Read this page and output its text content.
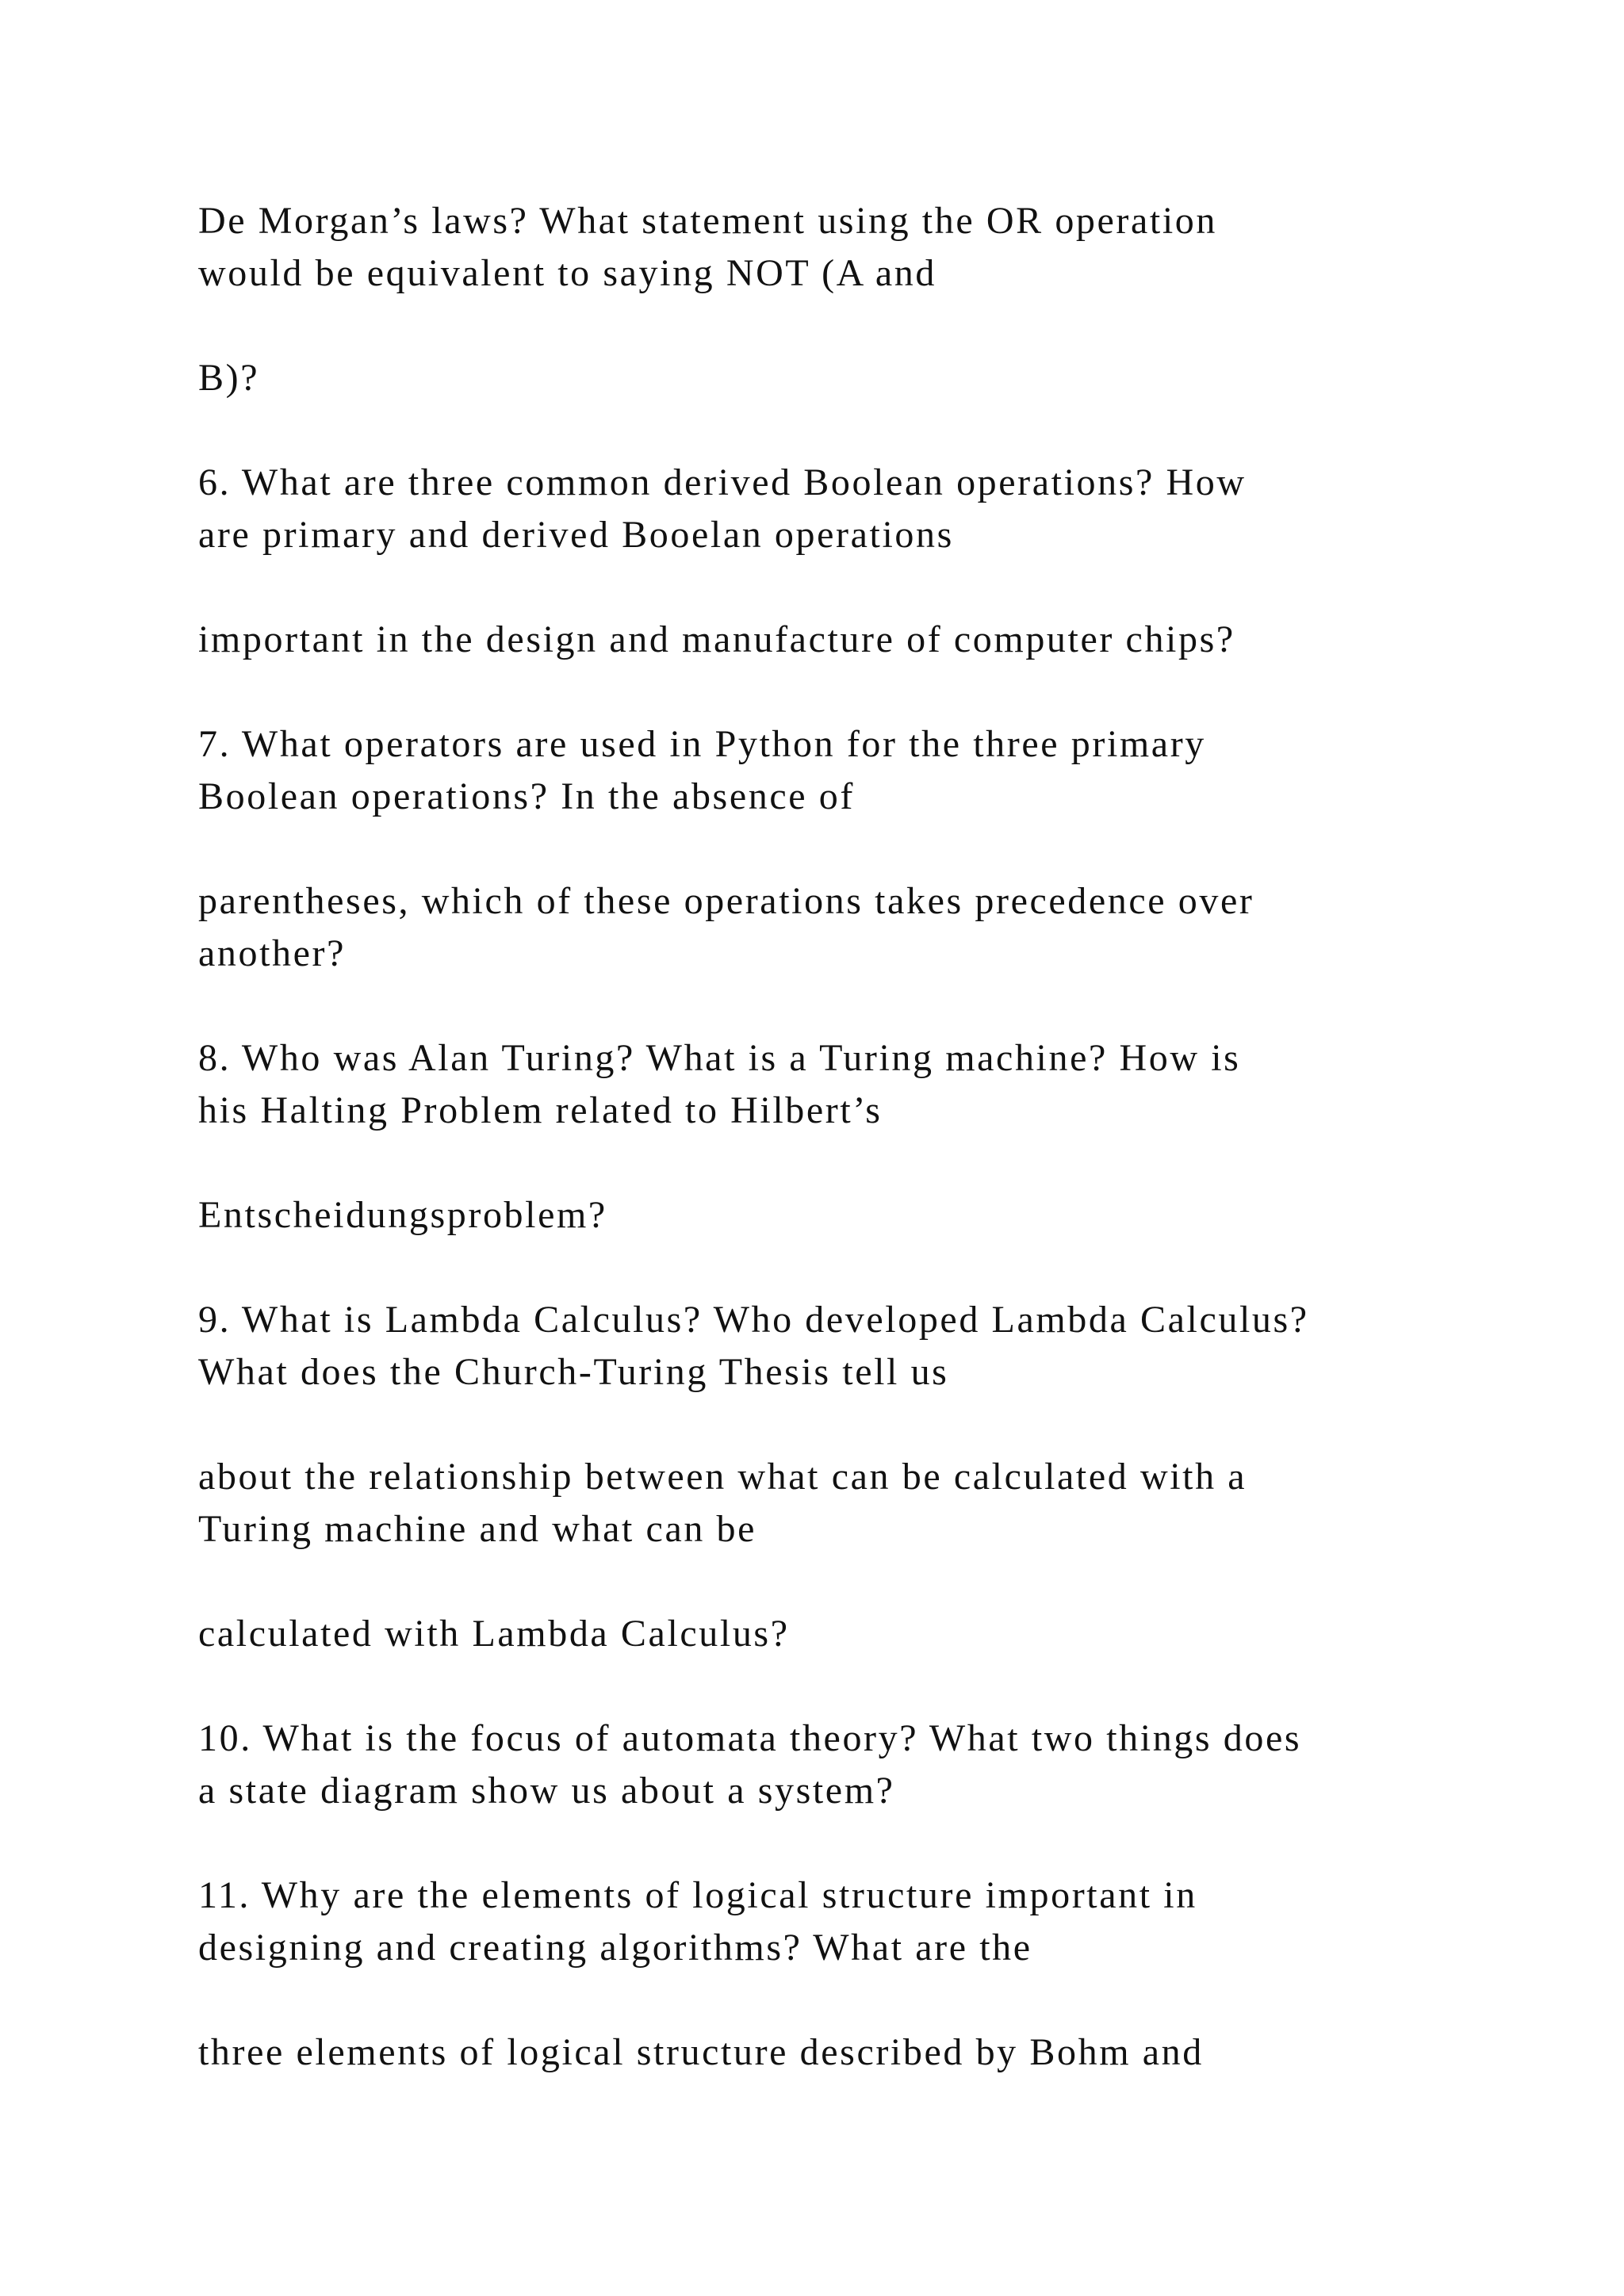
De Morgan’s laws? What statement using the OR operation

would be equivalent to saying NOT (A and

B)?

6. What are three common derived Boolean operations? How

are primary and derived Booelan operations

important in the design and manufacture of computer chips?

7. What operators are used in Python for the three primary

Boolean operations? In the absence of

parentheses, which of these operations takes precedence over

another?

8. Who was Alan Turing? What is a Turing machine? How is

his Halting Problem related to Hilbert’s

Entscheidungsproblem?

9. What is Lambda Calculus? Who developed Lambda Calculus?

What does the Church-Turing Thesis tell us

about the relationship between what can be calculated with a

Turing machine and what can be

calculated with Lambda Calculus?

10. What is the focus of automata theory? What two things does

a state diagram show us about a system?

11. Why are the elements of logical structure important in

designing and creating algorithms? What are the

three elements of logical structure described by Bohm and
